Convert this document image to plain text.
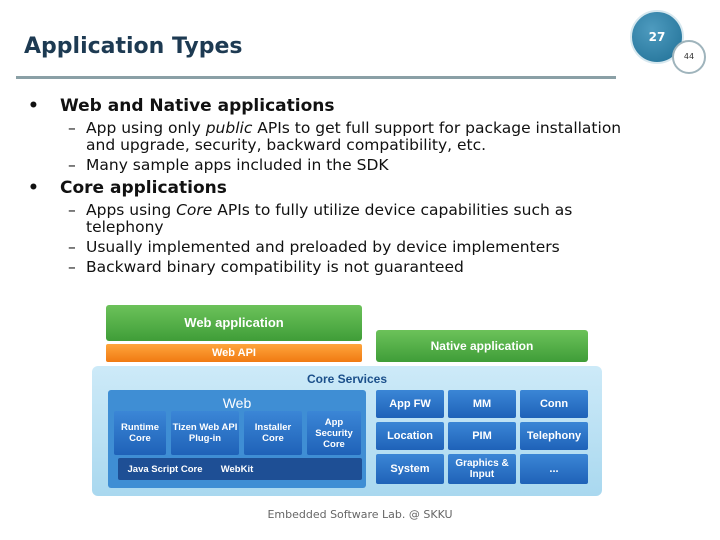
Application Types	27
44
• Web and Native applications
– App using only public APIs to get full support for package installation
and upgrade, security, backward compatibility, etc.
– Many sample apps included in the SDK
• Core applications
– Apps using Core APIs to fully utilize device capabilities such as
telephony
– Usually implemented and preloaded by device implementers
– Backward binary compatibility is not guaranteed
Web application
Web API	Native application
Core Services
Web
Runtime Core
Tizen Web API Plug-in
Installer Core
App Security Core
Java Script Core	WebKit
App FW	MM	Conn
Location	PIM	Telephony
System	Graphics & Input	...
Embedded Software Lab. @ SKKU
